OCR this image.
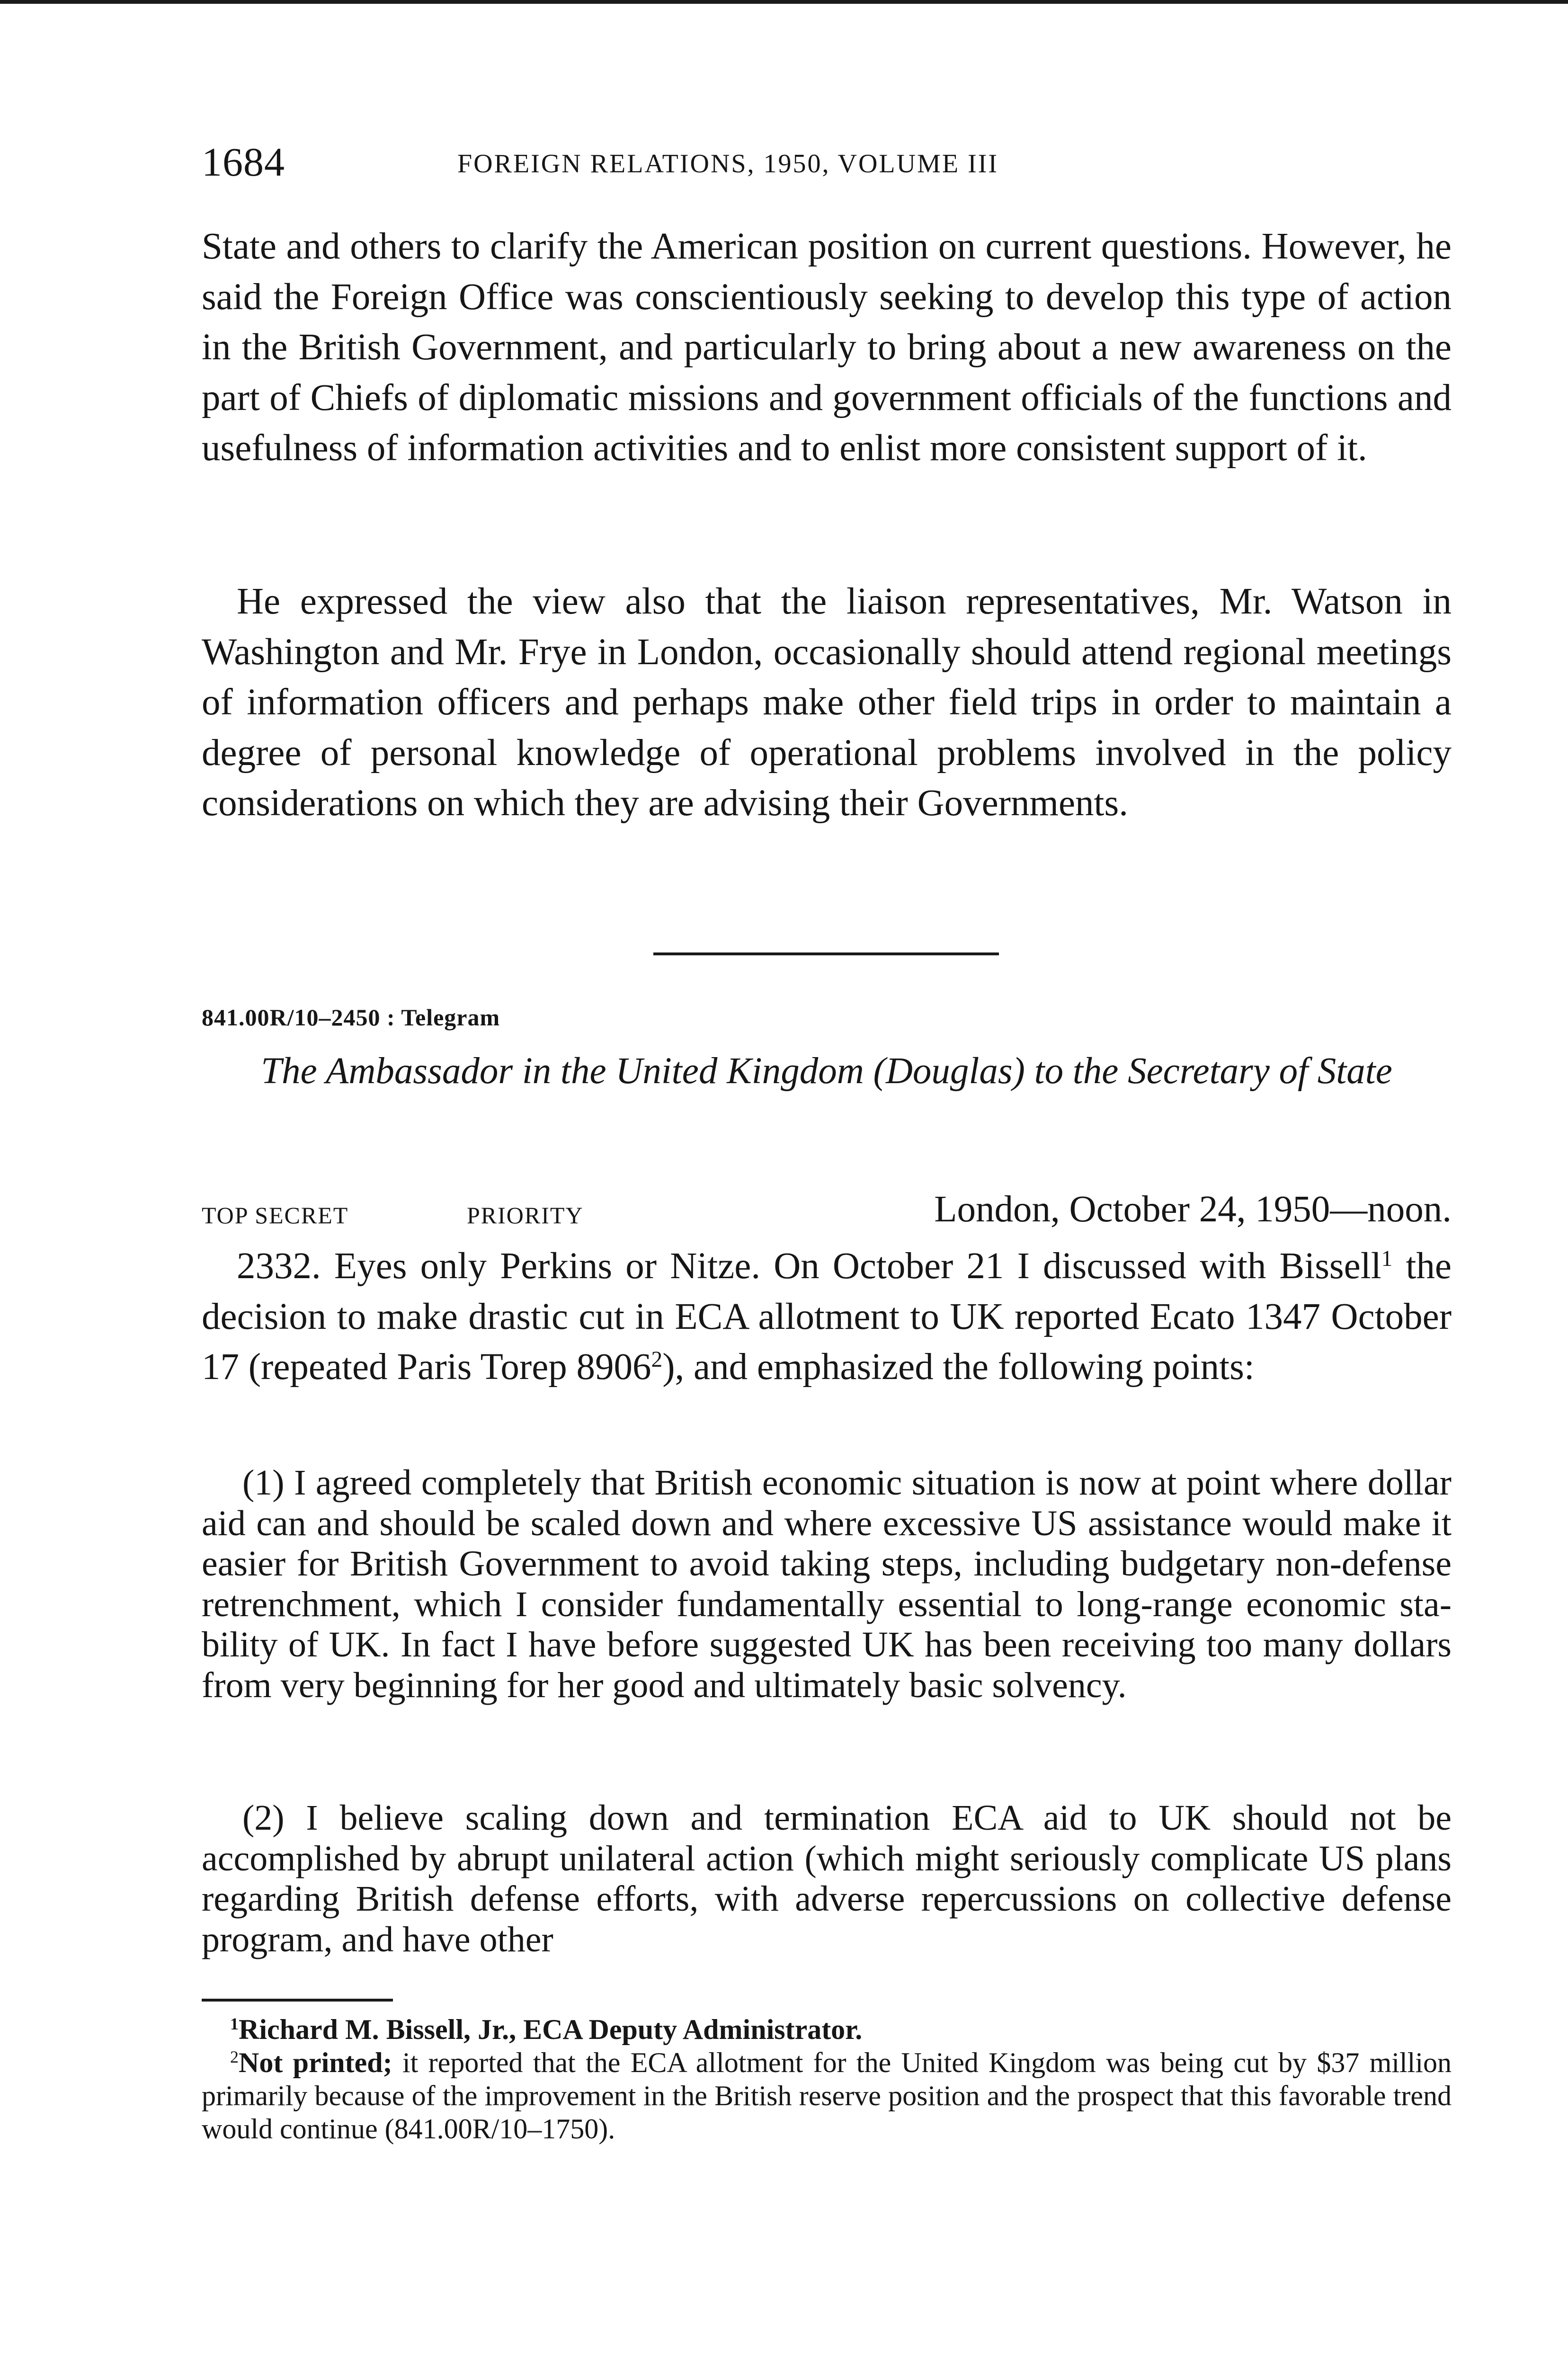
1684	FOREIGN RELATIONS, 1950, VOLUME III

State and others to clarify the American position on current questions. However, he said the Foreign Office was conscientiously seeking to develop this type of action in the British Government, and particularly to bring about a new awareness on the part of Chiefs of diplomatic missions and government officials of the functions and usefulness of information activities and to enlist more consistent support of it.

He expressed the view also that the liaison representatives, Mr. Watson in Washington and Mr. Frye in London, occasionally should attend regional meetings of information officers and perhaps make other field trips in order to maintain a degree of personal knowledge of operational problems involved in the policy considerations on which they are advising their Governments.

841.00R/10–2450 : Telegram

The Ambassador in the United Kingdom (Douglas) to the Secretary of State

TOP SECRET	PRIORITY	London, October 24, 1950—noon.

2332. Eyes only Perkins or Nitze. On October 21 I discussed with Bissell$^1$ the decision to make drastic cut in ECA allotment to UK reported Ecato 1347 October 17 (repeated Paris Torep 8906$^2$), and emphasized the following points:

(1) I agreed completely that British economic situation is now at point where dollar aid can and should be scaled down and where excessive US assistance would make it easier for British Government to avoid taking steps, including budgetary non-defense retrenchment, which I consider fundamentally essential to long-range economic stability of UK. In fact I have before suggested UK has been receiving too many dollars from very beginning for her good and ultimately basic solvency.

(2) I believe scaling down and termination ECA aid to UK should not be accomplished by abrupt unilateral action (which might seriously complicate US plans regarding British defense efforts, with adverse repercussions on collective defense program, and have other

$^1$Richard M. Bissell, Jr., ECA Deputy Administrator.

$^2$Not printed; it reported that the ECA allotment for the United Kingdom was being cut by $37 million primarily because of the improvement in the British reserve position and the prospect that this favorable trend would continue (841.00R/10–1750).
